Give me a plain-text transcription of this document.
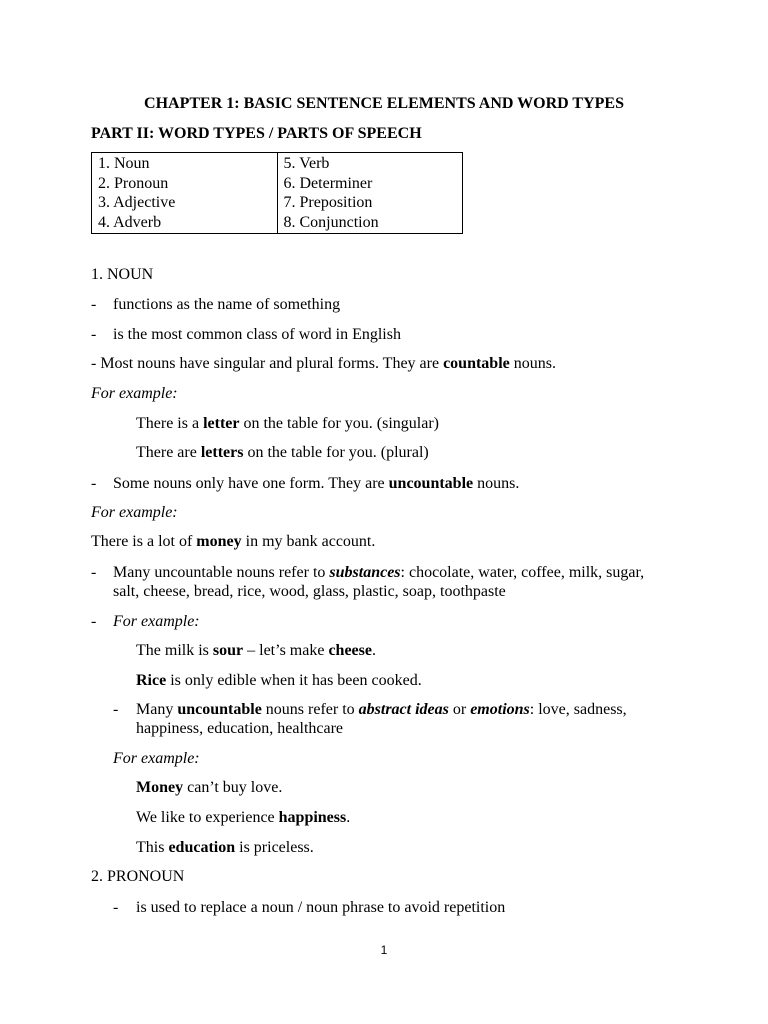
CHAPTER 1: BASIC SENTENCE ELEMENTS AND WORD TYPES
PART II: WORD TYPES / PARTS OF SPEECH
1. Noun
2. Pronoun
3. Adjective
4. Adverb

5. Verb
6. Determiner
7. Preposition
8. Conjunction
1. NOUN
- functions as the name of something
- is the most common class of word in English
- Most nouns have singular and plural forms. They are countable nouns.
For example:
There is a letter on the table for you. (singular)
There are letters on the table for you. (plural)
- Some nouns only have one form. They are uncountable nouns.
For example:
There is a lot of money in my bank account.
- Many uncountable nouns refer to substances: chocolate, water, coffee, milk, sugar,
salt, cheese, bread, rice, wood, glass, plastic, soap, toothpaste
- For example:
The milk is sour – let’s make cheese.
Rice is only edible when it has been cooked.
- Many uncountable nouns refer to abstract ideas or emotions: love, sadness,
happiness, education, healthcare
For example:
Money can’t buy love.
We like to experience happiness.
This education is priceless.
2. PRONOUN
- is used to replace a noun / noun phrase to avoid repetition
1
